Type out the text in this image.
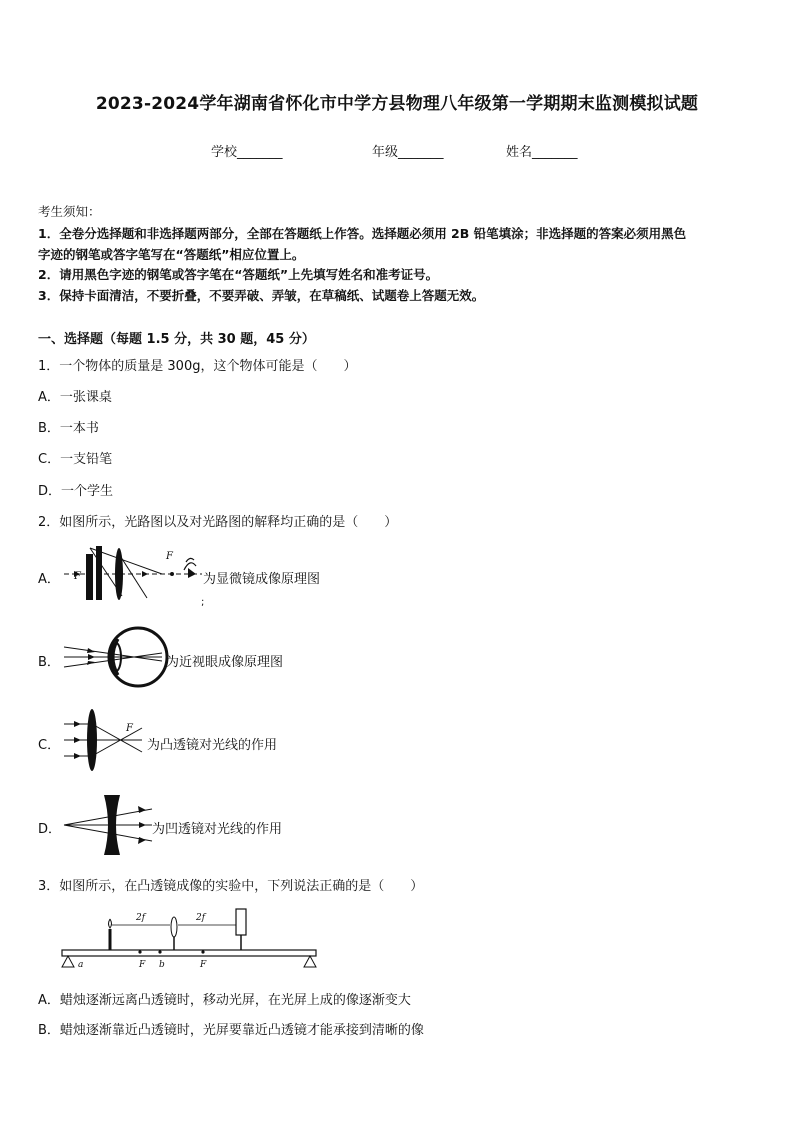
2023-2024学年湖南省怀化市中学方县物理八年级第一学期期末监测模拟试题
学校_______	年级_______	姓名_______
考生须知：
1．全卷分选择题和非选择题两部分，全部在答题纸上作答。选择题必须用 2B 铅笔填涂；非选择题的答案必须用黑色
字迹的钢笔或答字笔写在“答题纸”相应位置上。
2．请用黑色字迹的钢笔或答字笔在“答题纸”上先填写姓名和准考证号。
3．保持卡面清洁，不要折叠，不要弄破、弄皱，在草稿纸、试题卷上答题无效。
一、选择题（每题 1.5 分，共 30 题，45 分）
1．一个物体的质量是 300g，这个物体可能是（　　）
A．一张课桌
B．一本书
C．一支铅笔
D．一个学生
2．如图所示，光路图以及对光路图的解释均正确的是（　　）
A． F
F
为显微镜成像原理图
;
B．	为近视眼成像原理图
C．
F
为凸透镜对光线的作用
D．	为凹透镜对光线的作用
3．如图所示，在凸透镜成像的实验中，下列说法正确的是（　　）
2f	2f
a	F b	F
A．蜡烛逐渐远离凸透镜时，移动光屏，在光屏上成的像逐渐变大
B．蜡烛逐渐靠近凸透镜时，光屏要靠近凸透镜才能承接到清晰的像
